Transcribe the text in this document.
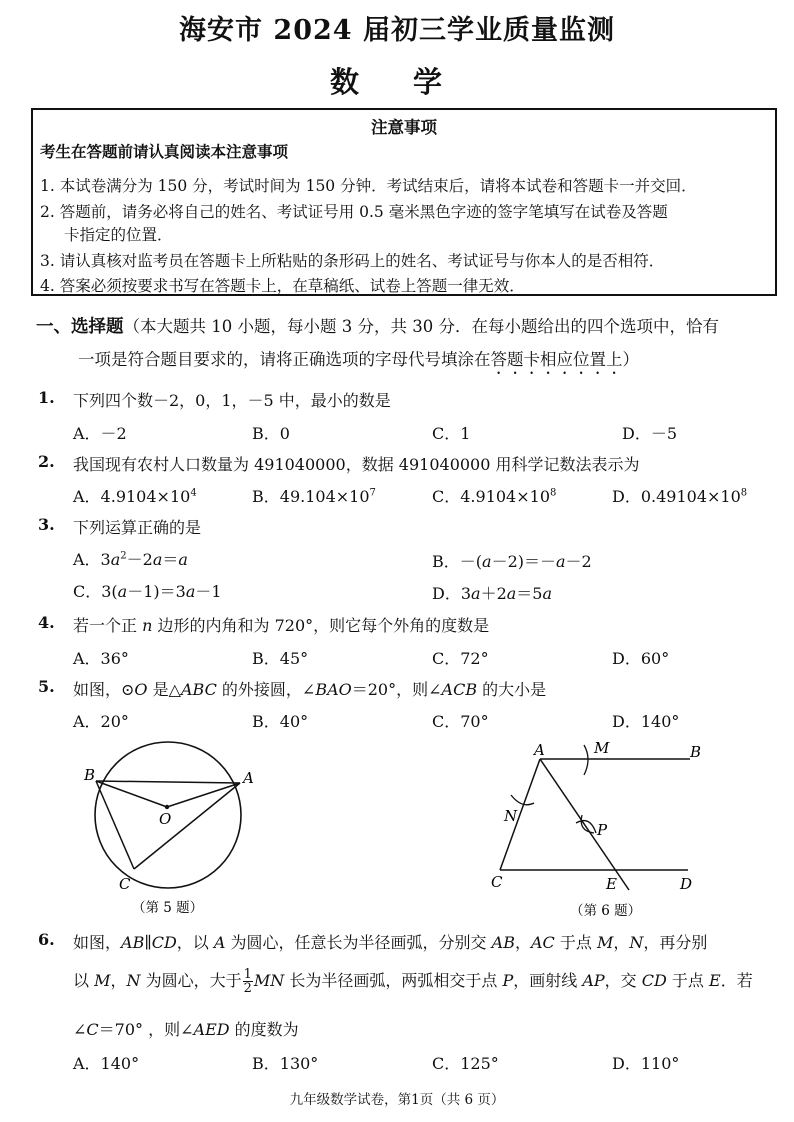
海安市 2024 届初三学业质量监测
数 学
注意事项
考生在答题前请认真阅读本注意事项
1. 本试卷满分为 150 分，考试时间为 150 分钟．考试结束后，请将本试卷和答题卡一并交回．
2. 答题前，请务必将自己的姓名、考试证号用 0.5 毫米黑色字迹的签字笔填写在试卷及答题
卡指定的位置．
3. 请认真核对监考员在答题卡上所粘贴的条形码上的姓名、考试证号与你本人的是否相符．
4. 答案必须按要求书写在答题卡上，在草稿纸、试卷上答题一律无效．
一、选择题（本大题共 10 小题，每小题 3 分，共 30 分．在每小题给出的四个选项中，恰有
一项是符合题目要求的，请将正确选项的字母代号填涂在答题卡相应位置上）
1. 下列四个数－2，0，1，－5 中，最小的数是
A．－2	B．0	C．1	D．－5
2. 我国现有农村人口数量为 491040000，数据 491040000 用科学记数法表示为
A．$4.9104\times 10^4$	B．$49.104\times 10^7$	C．$4.9104\times 10^8$	D．$0.49104\times 10^8$
3. 下列运算正确的是
A．$3a^2-2a=a$	B．－(a－2)＝－a－2
C．3(a－1)＝3a－1	D．3a＋2a＝5a
4. 若一个正 n 边形的内角和为 720°，则它每个外角的度数是
A．36°	B．45°	C．72°	D．60°
5. 如图，⊙O 是△ABC 的外接圆，∠BAO＝20°，则∠ACB 的大小是
A．20°	B．40°	C．70°	D．140°
B	A
O
C
（第 5 题）
A	M	B
N
P
C	E	D
（第 6 题）
6. 如图，AB∥CD，以 A 为圆心，任意长为半径画弧，分别交 AB，AC 于点 M，N，再分别
以 M，N 为圆心，大于 $\frac{1}{2}$ MN 长为半径画弧，两弧相交于点 P，画射线 AP，交 CD 于点 E．若
∠C＝70° ，则∠AED 的度数为
A．140°	B．130°	C．125°	D．110°
九年级数学试卷，第1页（共 6 页）
